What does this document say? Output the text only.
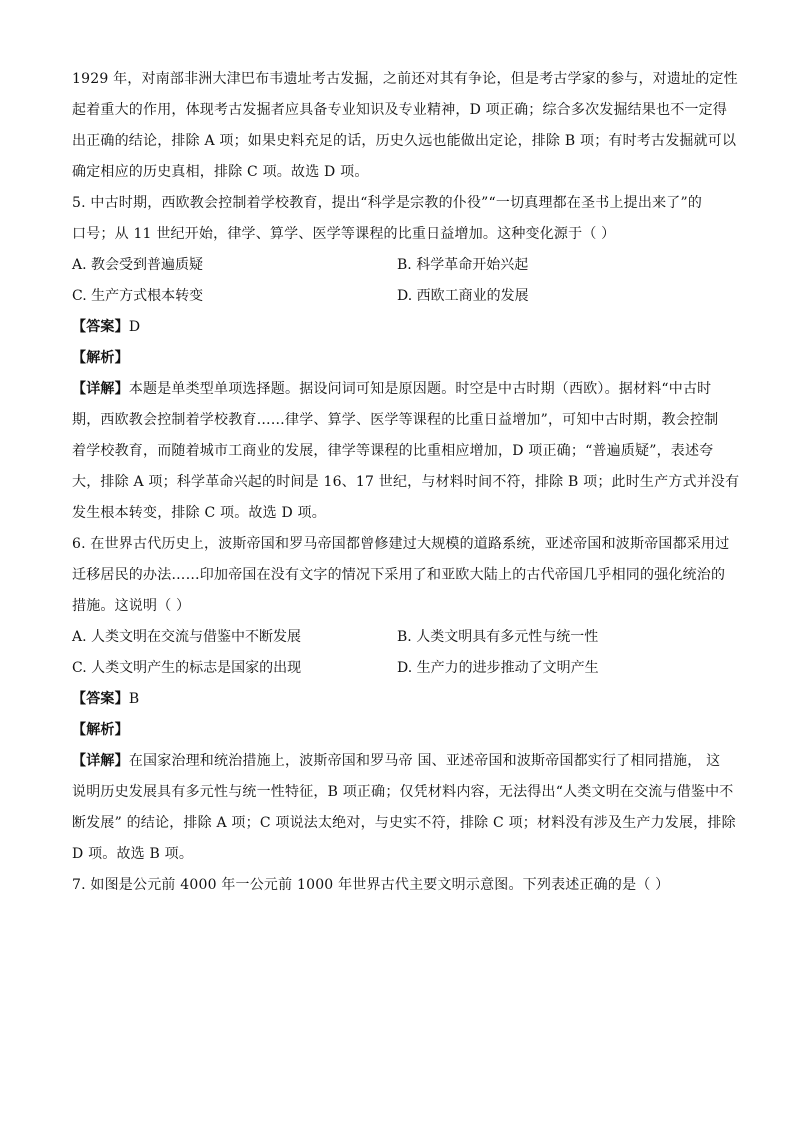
1929 年，对南部非洲大津巴布韦遗址考古发掘，之前还对其有争论，但是考古学家的参与，对遗址的定性
起着重大的作用，体现考古发掘者应具备专业知识及专业精神，D 项正确；综合多次发掘结果也不一定得
出正确的结论，排除 A 项；如果史料充足的话，历史久远也能做出定论，排除 B 项；有时考古发掘就可以
确定相应的历史真相，排除 C 项。故选 D 项。
5. 中古时期，西欧教会控制着学校教育，提出“科学是宗教的仆役”“一切真理都在圣书上提出来了”的
口号；从 11 世纪开始，律学、算学、医学等课程的比重日益增加。这种变化源于（ ）
A. 教会受到普遍质疑	B. 科学革命开始兴起
C. 生产方式根本转变	D. 西欧工商业的发展
【答案】D
【解析】
【详解】本题是单类型单项选择题。据设问词可知是原因题。时空是中古时期（西欧）。据材料“中古时
期，西欧教会控制着学校教育……律学、算学、医学等课程的比重日益增加”，可知中古时期，教会控制
着学校教育，而随着城市工商业的发展，律学等课程的比重相应增加，D 项正确；“普遍质疑”，表述夸
大，排除 A 项；科学革命兴起的时间是 16、17 世纪，与材料时间不符，排除 B 项；此时生产方式并没有
发生根本转变，排除 C 项。故选 D 项。
6. 在世界古代历史上，波斯帝国和罗马帝国都曾修建过大规模的道路系统，亚述帝国和波斯帝国都采用过
迁移居民的办法……印加帝国在没有文字的情况下采用了和亚欧大陆上的古代帝国几乎相同的强化统治的
措施。这说明（ ）
A. 人类文明在交流与借鉴中不断发展	B. 人类文明具有多元性与统一性
C. 人类文明产生的标志是国家的出现	D. 生产力的进步推动了文明产生
【答案】B
【解析】
【详解】在国家治理和统治措施上，波斯帝国和罗马帝 国、亚述帝国和波斯帝国都实行了相同措施， 这
说明历史发展具有多元性与统一性特征，B 项正确；仅凭材料内容，无法得出“人类文明在交流与借鉴中不
断发展” 的结论，排除 A 项；C 项说法太绝对，与史实不符，排除 C 项；材料没有涉及生产力发展，排除
D 项。故选 B 项。
7. 如图是公元前 4000 年一公元前 1000 年世界古代主要文明示意图。下列表述正确的是（ ）
